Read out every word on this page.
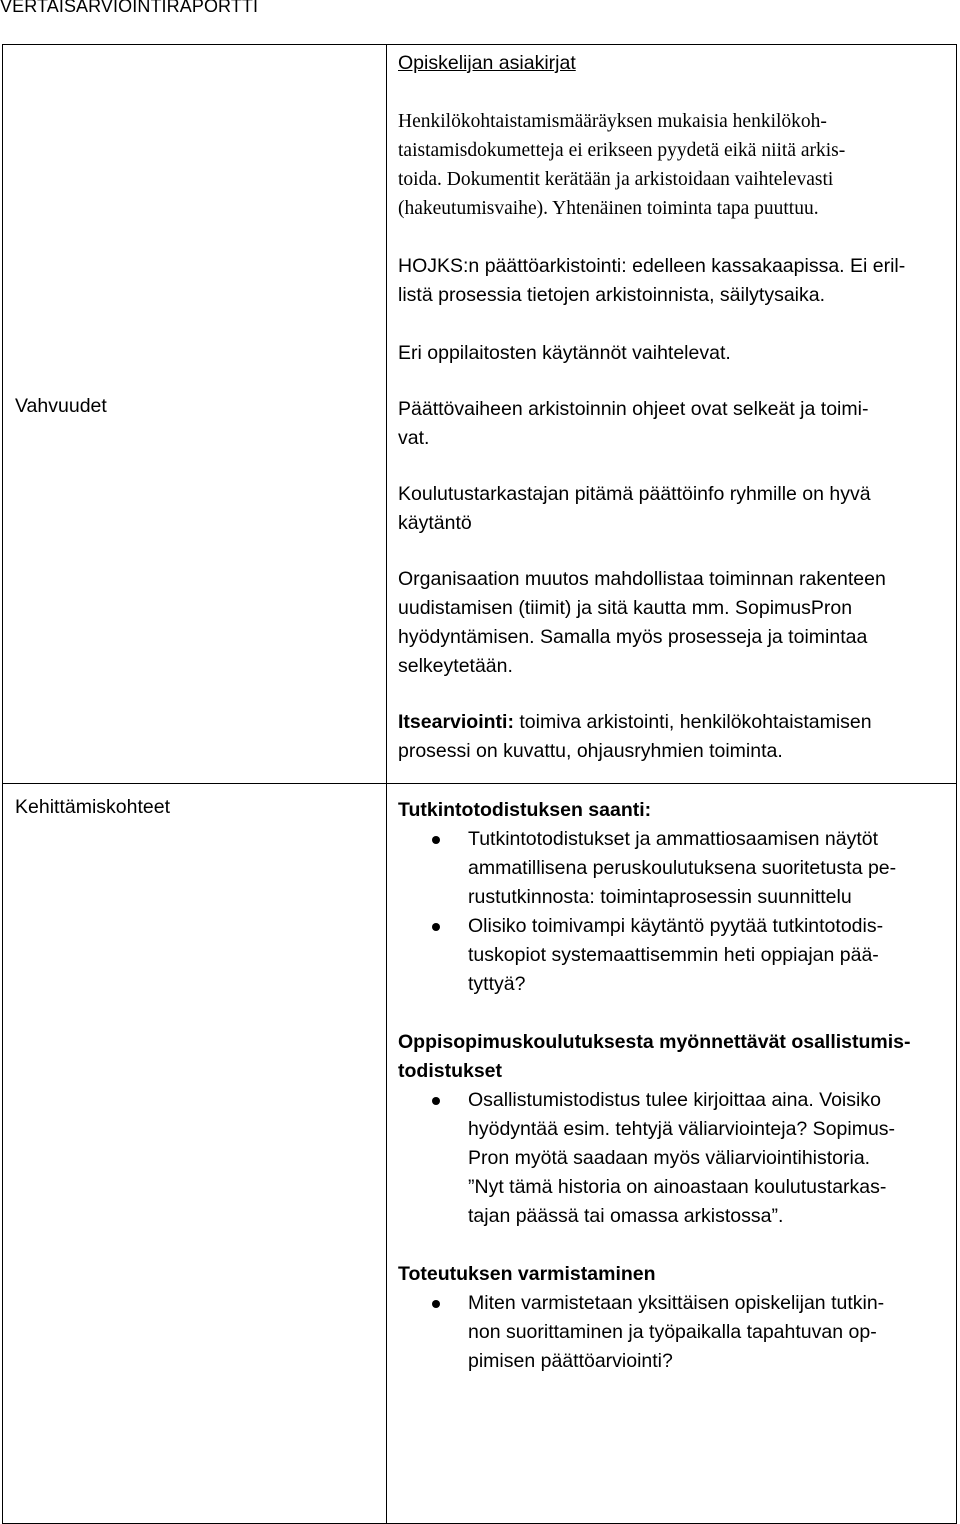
VERTAISARVIOINTIRAPORTTI

Opiskelijan asiakirjat

Henkilökohtaistamismääräyksen mukaisia henkilökoh-

taistamisdokumetteja ei erikseen pyydetä eikä niitä arkis-

toida. Dokumentit kerätään ja arkistoidaan vaihtelevasti

(hakeutumisvaihe). Yhtenäinen toiminta tapa puuttuu.

HOJKS:n päättöarkistointi: edelleen kassakaapissa. Ei eril-

listä prosessia tietojen arkistoinnista, säilytysaika.

Eri oppilaitosten käytännöt vaihtelevat.

Vahvuudet	Päättövaiheen arkistoinnin ohjeet ovat selkeät ja toimi-

vat.

Koulutustarkastajan pitämä päättöinfo ryhmille on hyvä

käytäntö

Organisaation muutos mahdollistaa toiminnan rakenteen

uudistamisen (tiimit) ja sitä kautta mm. SopimusPron

hyödyntämisen. Samalla myös prosesseja ja toimintaa

selkeytetään.

Itsearviointi: toimiva arkistointi, henkilökohtaistamisen

prosessi on kuvattu, ohjausryhmien toiminta.

Kehittämiskohteet	Tutkintotodistuksen saanti:

Tutkintotodistukset ja ammattiosaamisen näytöt

ammatillisena peruskoulutuksena suoritetusta pe-

rustutkinnosta: toimintaprosessin suunnittelu

Olisiko toimivampi käytäntö pyytää tutkintotodis-

tuskopiot systemaattisemmin heti oppiajan pää-

tyttyä?

Oppisopimuskoulutuksesta myönnettävät osallistumis-

todistukset

Osallistumistodistus tulee kirjoittaa aina. Voisiko

hyödyntää esim. tehtyjä väliarviointeja? Sopimus-

Pron myötä saadaan myös väliarviointihistoria.

”Nyt tämä historia on ainoastaan koulutustarkas-

tajan päässä tai omassa arkistossa”.

Toteutuksen varmistaminen

Miten varmistetaan yksittäisen opiskelijan tutkin-

non suorittaminen ja työpaikalla tapahtuvan op-

pimisen päättöarviointi?
